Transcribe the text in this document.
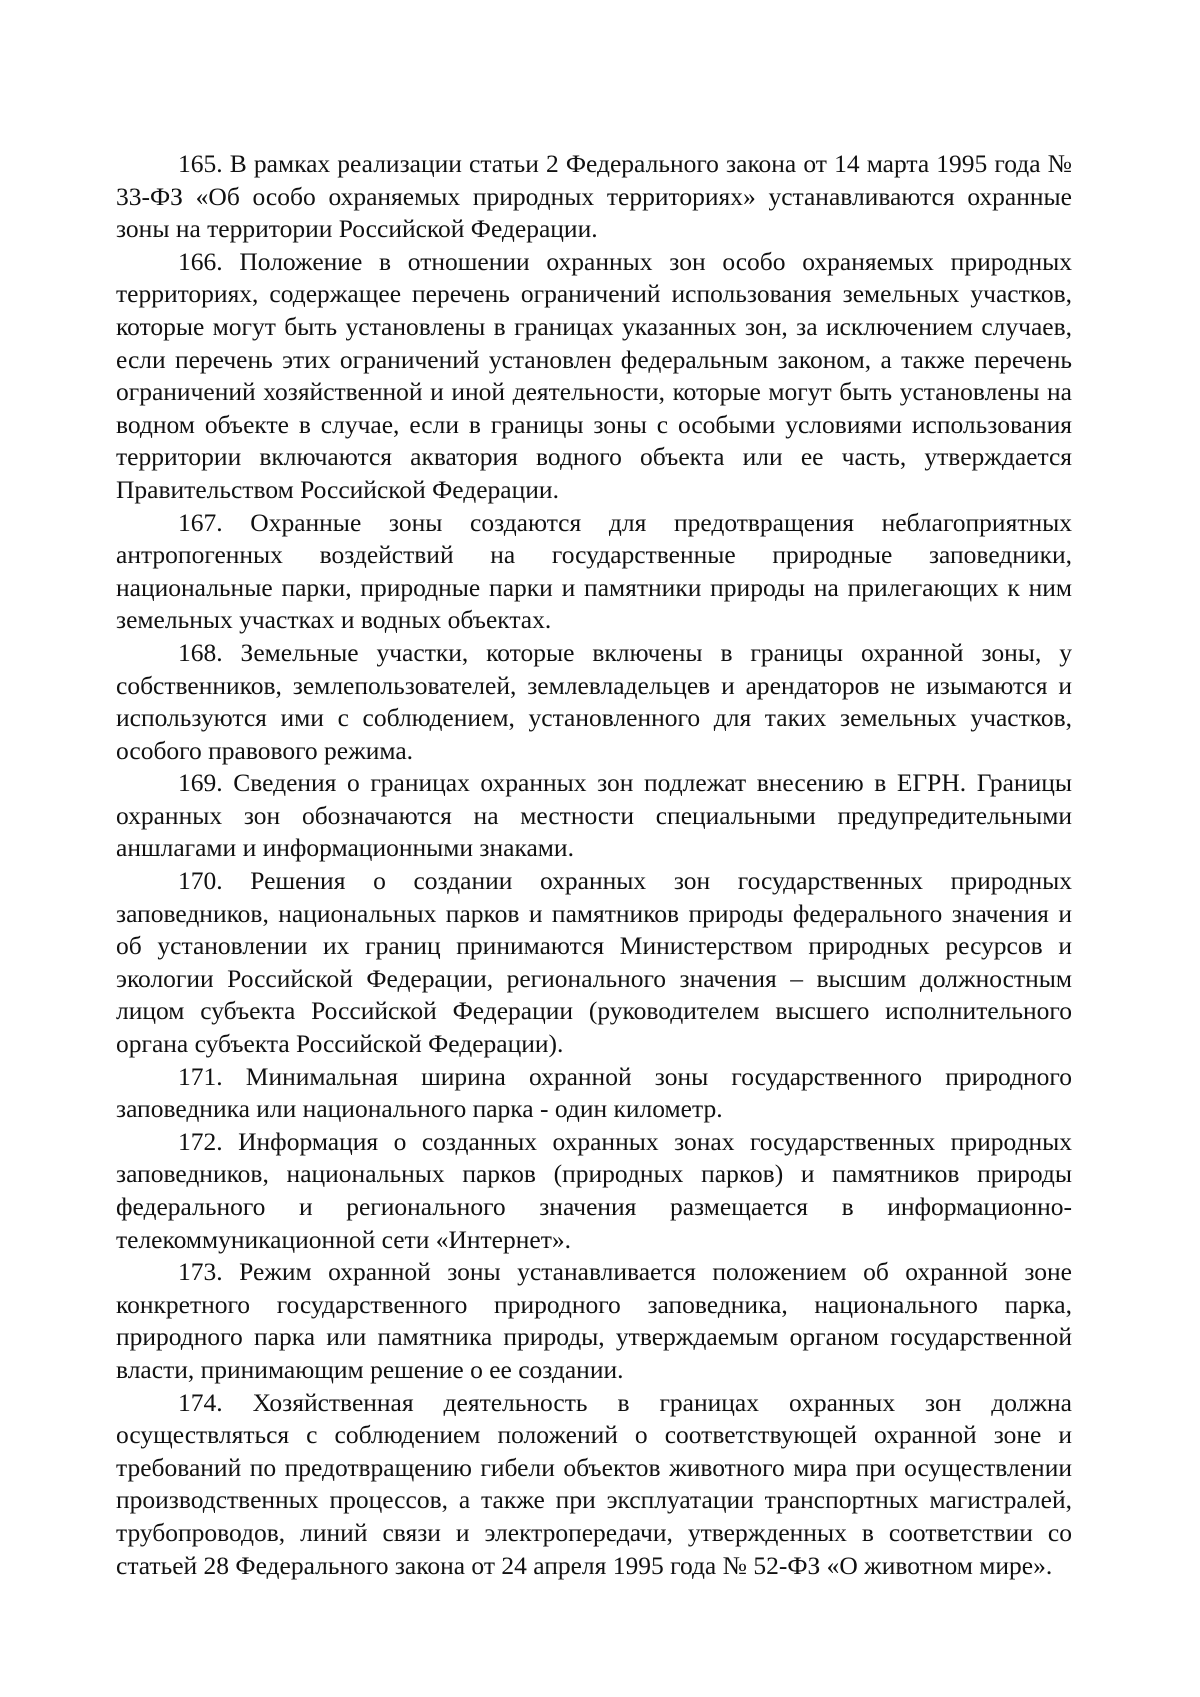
165. В рамках реализации статьи 2 Федерального закона от 14 марта 1995 года № 33-ФЗ «Об особо охраняемых природных территориях» устанавливаются охранные зоны на территории Российской Федерации.

166. Положение в отношении охранных зон особо охраняемых природных территориях, содержащее перечень ограничений использования земельных участков, которые могут быть установлены в границах указанных зон, за исключением случаев, если перечень этих ограничений установлен федеральным законом, а также перечень ограничений хозяйственной и иной деятельности, которые могут быть установлены на водном объекте в случае, если в границы зоны с особыми условиями использования территории включаются акватория водного объекта или ее часть, утверждается Правительством Российской Федерации.

167. Охранные зоны создаются для предотвращения неблагоприятных антропогенных воздействий на государственные природные заповедники, национальные парки, природные парки и памятники природы на прилегающих к ним земельных участках и водных объектах.

168. Земельные участки, которые включены в границы охранной зоны, у собственников, землепользователей, землевладельцев и арендаторов не изымаются и используются ими с соблюдением, установленного для таких земельных участков, особого правового режима.

169. Сведения о границах охранных зон подлежат внесению в ЕГРН. Границы охранных зон обозначаются на местности специальными предупредительными аншлагами и информационными знаками.

170. Решения о создании охранных зон государственных природных заповедников, национальных парков и памятников природы федерального значения и об установлении их границ принимаются Министерством природных ресурсов и экологии Российской Федерации, регионального значения – высшим должностным лицом субъекта Российской Федерации (руководителем высшего исполнительного органа субъекта Российской Федерации).

171. Минимальная ширина охранной зоны государственного природного заповедника или национального парка - один километр.

172. Информация о созданных охранных зонах государственных природных заповедников, национальных парков (природных парков) и памятников природы федерального и регионального значения размещается в информационно-телекоммуникационной сети «Интернет».

173. Режим охранной зоны устанавливается положением об охранной зоне конкретного государственного природного заповедника, национального парка, природного парка или памятника природы, утверждаемым органом государственной власти, принимающим решение о ее создании.

174. Хозяйственная деятельность в границах охранных зон должна осуществляться с соблюдением положений о соответствующей охранной зоне и требований по предотвращению гибели объектов животного мира при осуществлении производственных процессов, а также при эксплуатации транспортных магистралей, трубопроводов, линий связи и электропередачи, утвержденных в соответствии со статьей 28 Федерального закона от 24 апреля 1995 года № 52-ФЗ «О животном мире».
